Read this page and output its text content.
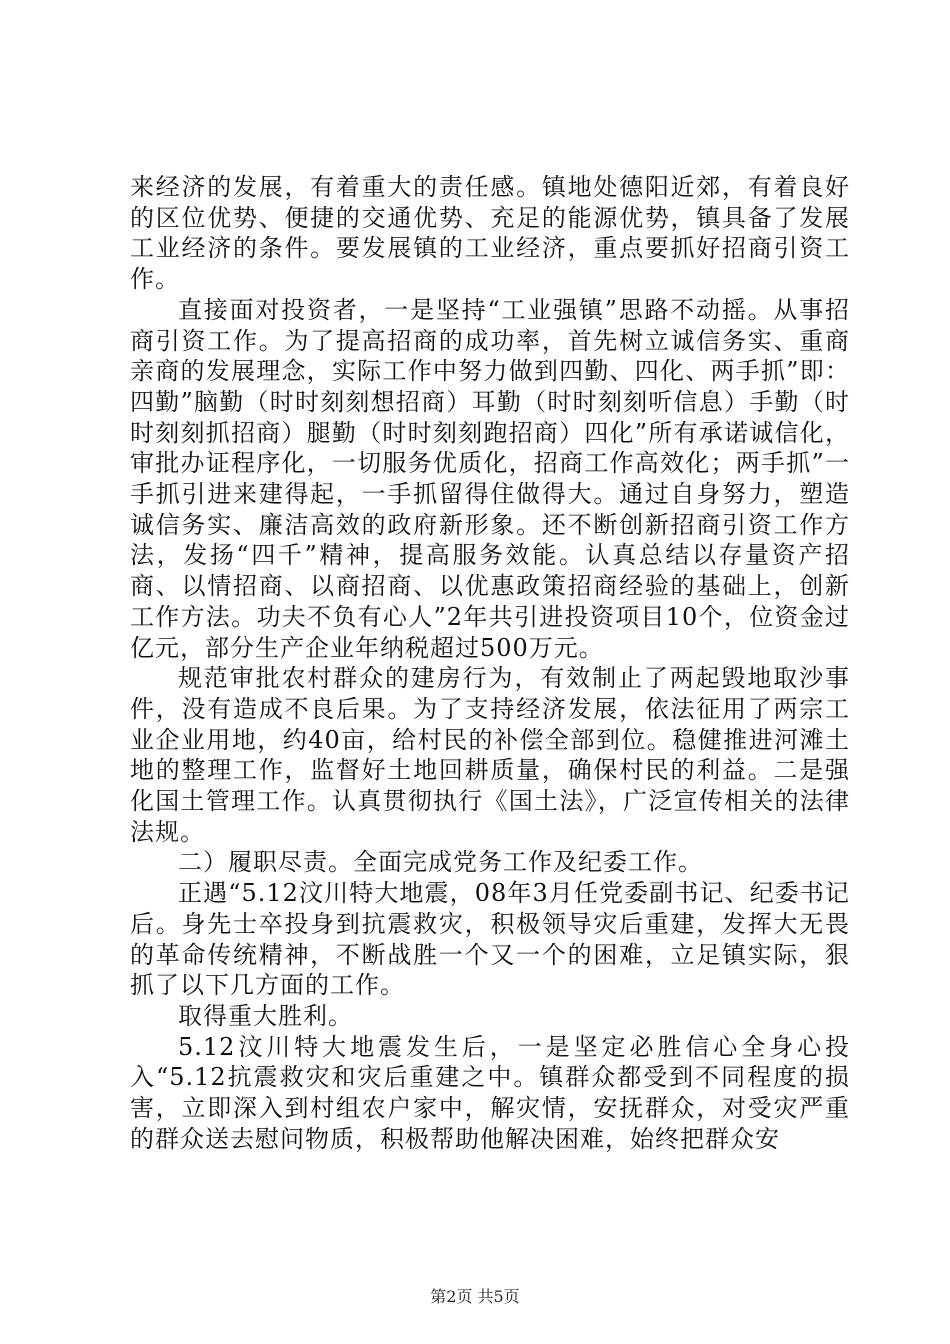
来经济的发展，有着重大的责任感。镇地处德阳近郊，有着良好的区位优势、便捷的交通优势、充足的能源优势，镇具备了发展工业经济的条件。要发展镇的工业经济，重点要抓好招商引资工作。

直接面对投资者，一是坚持“工业强镇”思路不动摇。从事招商引资工作。为了提高招商的成功率，首先树立诚信务实、重商亲商的发展理念，实际工作中努力做到四勤、四化、两手抓”即：四勤”脑勤（时时刻刻想招商）耳勤（时时刻刻听信息）手勤（时时刻刻抓招商）腿勤（时时刻刻跑招商）四化”所有承诺诚信化，审批办证程序化，一切服务优质化，招商工作高效化；两手抓”一手抓引进来建得起，一手抓留得住做得大。通过自身努力，塑造诚信务实、廉洁高效的政府新形象。还不断创新招商引资工作方法，发扬“四千”精神，提高服务效能。认真总结以存量资产招商、以情招商、以商招商、以优惠政策招商经验的基础上，创新工作方法。功夫不负有心人”2年共引进投资项目10个，位资金过亿元，部分生产企业年纳税超过500万元。

规范审批农村群众的建房行为，有效制止了两起毁地取沙事件，没有造成不良后果。为了支持经济发展，依法征用了两宗工业企业用地，约40亩，给村民的补偿全部到位。稳健推进河滩土地的整理工作，监督好土地回耕质量，确保村民的利益。二是强化国土管理工作。认真贯彻执行《国土法》，广泛宣传相关的法律法规。

二）履职尽责。全面完成党务工作及纪委工作。

正遇“5.12汶川特大地震，08年3月任党委副书记、纪委书记后。身先士卒投身到抗震救灾，积极领导灾后重建，发挥大无畏的革命传统精神，不断战胜一个又一个的困难，立足镇实际，狠抓了以下几方面的工作。

取得重大胜利。

5.12汶川特大地震发生后，一是坚定必胜信心全身心投入“5.12抗震救灾和灾后重建之中。镇群众都受到不同程度的损害，立即深入到村组农户家中，解灾情，安抚群众，对受灾严重的群众送去慰问物质，积极帮助他解决困难，始终把群众安

第2页 共5页
